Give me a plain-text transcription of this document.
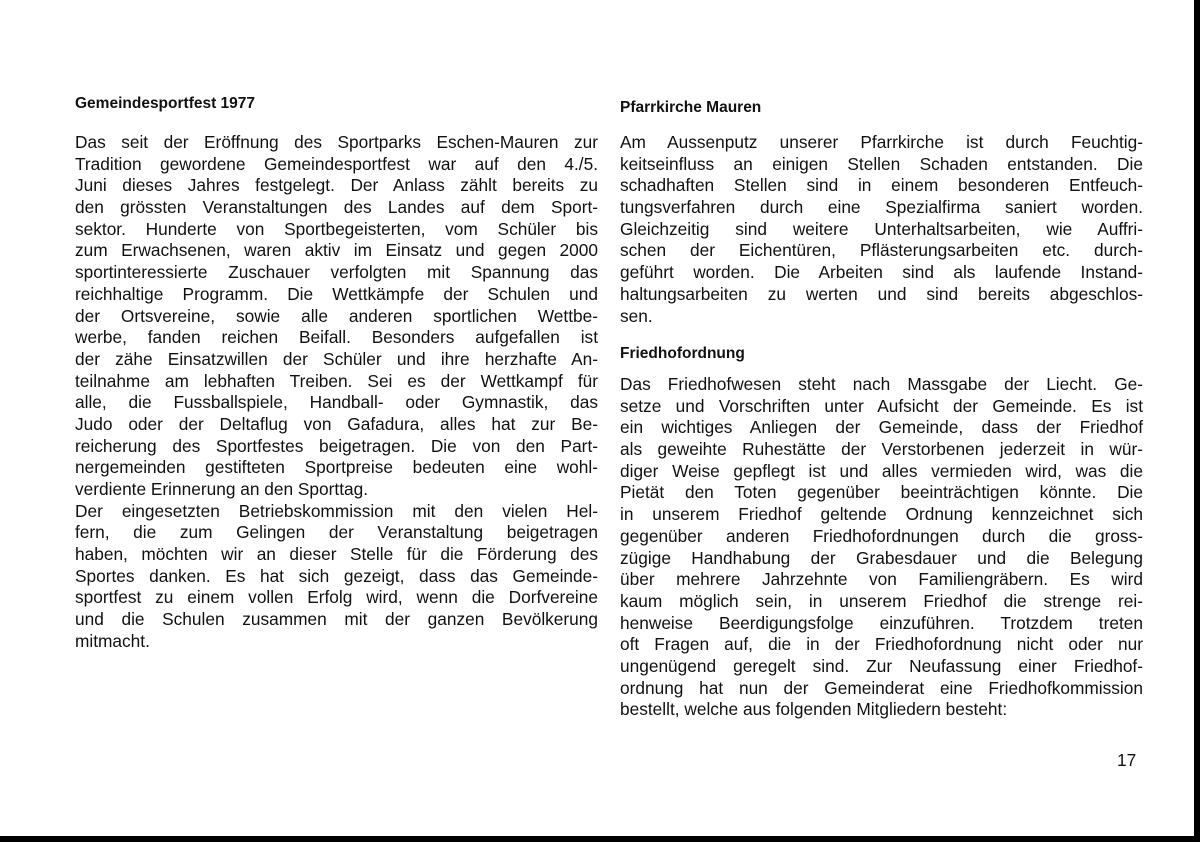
Gemeindesportfest 1977
Das seit der Eröffnung des Sportparks Eschen-Mauren zur
Tradition gewordene Gemeindesportfest war auf den 4./5.
Juni dieses Jahres festgelegt. Der Anlass zählt bereits zu
den grössten Veranstaltungen des Landes auf dem Sport-
sektor. Hunderte von Sportbegeisterten, vom Schüler bis
zum Erwachsenen, waren aktiv im Einsatz und gegen 2000
sportinteressierte Zuschauer verfolgten mit Spannung das
reichhaltige Programm. Die Wettkämpfe der Schulen und
der Ortsvereine, sowie alle anderen sportlichen Wettbe-
werbe, fanden reichen Beifall. Besonders aufgefallen ist
der zähe Einsatzwillen der Schüler und ihre herzhafte An-
teilnahme am lebhaften Treiben. Sei es der Wettkampf für
alle, die Fussballspiele, Handball- oder Gymnastik, das
Judo oder der Deltaflug von Gafadura, alles hat zur Be-
reicherung des Sportfestes beigetragen. Die von den Part-
nergemeinden gestifteten Sportpreise bedeuten eine wohl-
verdiente Erinnerung an den Sporttag.
Der eingesetzten Betriebskommission mit den vielen Hel-
fern, die zum Gelingen der Veranstaltung beigetragen
haben, möchten wir an dieser Stelle für die Förderung des
Sportes danken. Es hat sich gezeigt, dass das Gemeinde-
sportfest zu einem vollen Erfolg wird, wenn die Dorfvereine
und die Schulen zusammen mit der ganzen Bevölkerung
mitmacht.
Pfarrkirche Mauren
Am Aussenputz unserer Pfarrkirche ist durch Feuchtig-
keitseinfluss an einigen Stellen Schaden entstanden. Die
schadhaften Stellen sind in einem besonderen Entfeuch-
tungsverfahren durch eine Spezialfirma saniert worden.
Gleichzeitig sind weitere Unterhaltsarbeiten, wie Auffri-
schen der Eichentüren, Pflästerungsarbeiten etc. durch-
geführt worden. Die Arbeiten sind als laufende Instand-
haltungsarbeiten zu werten und sind bereits abgeschlos-
sen.
Friedhofordnung
Das Friedhofwesen steht nach Massgabe der Liecht. Ge-
setze und Vorschriften unter Aufsicht der Gemeinde. Es ist
ein wichtiges Anliegen der Gemeinde, dass der Friedhof
als geweihte Ruhestätte der Verstorbenen jederzeit in wür-
diger Weise gepflegt ist und alles vermieden wird, was die
Pietät den Toten gegenüber beeinträchtigen könnte. Die
in unserem Friedhof geltende Ordnung kennzeichnet sich
gegenüber anderen Friedhofordnungen durch die gross-
zügige Handhabung der Grabesdauer und die Belegung
über mehrere Jahrzehnte von Familiengräbern. Es wird
kaum möglich sein, in unserem Friedhof die strenge rei-
henweise Beerdigungsfolge einzuführen. Trotzdem treten
oft Fragen auf, die in der Friedhofordnung nicht oder nur
ungenügend geregelt sind. Zur Neufassung einer Friedhof-
ordnung hat nun der Gemeinderat eine Friedhofkommission
bestellt, welche aus folgenden Mitgliedern besteht:
17
